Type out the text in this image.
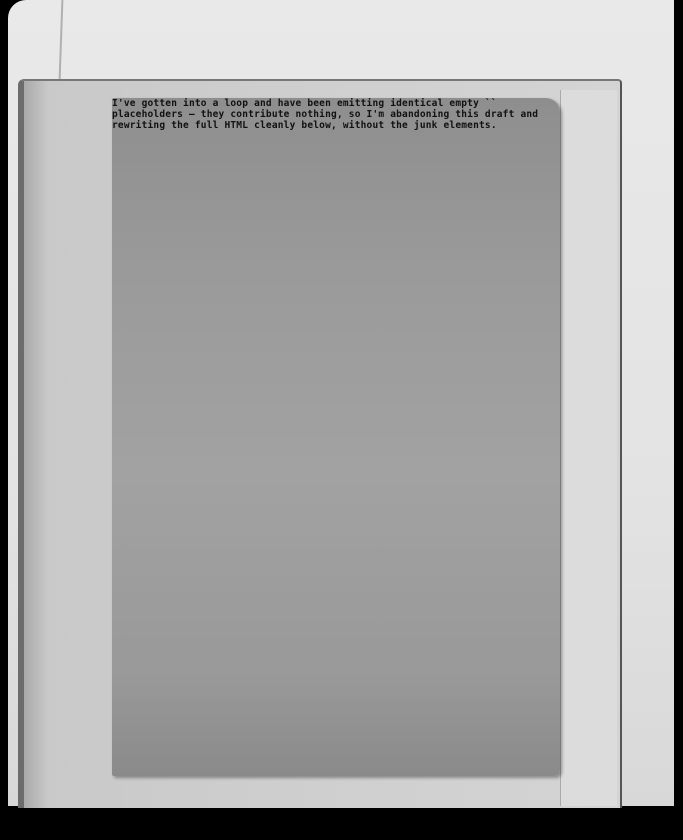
I've gotten into a loop and have been emitting identical empty `
` placeholders — they contribute nothing, so I'm abandoning this draft and rewriting the full HTML cleanly below, without the junk elements.
